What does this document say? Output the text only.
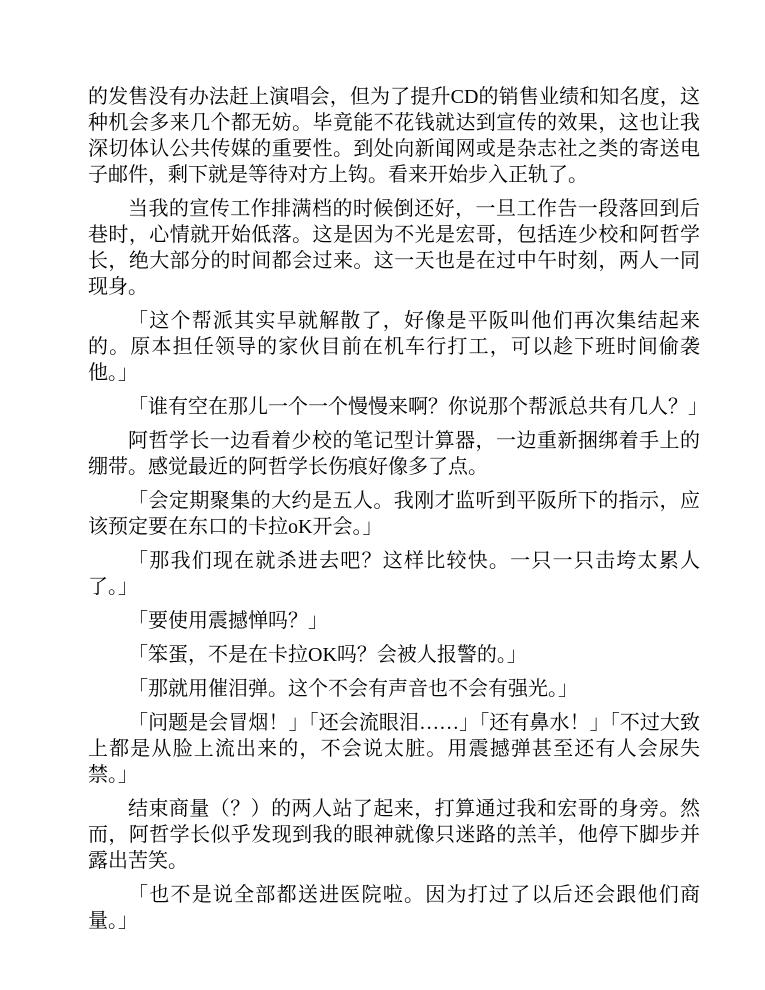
的发售没有办法赶上演唱会，但为了提升CD的销售业绩和知名度，这种机会多来几个都无妨。毕竟能不花钱就达到宣传的效果，这也让我深切体认公共传媒的重要性。到处向新闻网或是杂志社之类的寄送电子邮件，剩下就是等待对方上钩。看来开始步入正轨了。

当我的宣传工作排满档的时候倒还好，一旦工作告一段落回到后巷时，心情就开始低落。这是因为不光是宏哥，包括连少校和阿哲学长，绝大部分的时间都会过来。这一天也是在过中午时刻，两人一同现身。

「这个帮派其实早就解散了，好像是平阪叫他们再次集结起来的。原本担任领导的家伙目前在机车行打工，可以趁下班时间偷袭他。」

「谁有空在那儿一个一个慢慢来啊？你说那个帮派总共有几人？」

阿哲学长一边看着少校的笔记型计算器，一边重新捆绑着手上的绷带。感觉最近的阿哲学长伤痕好像多了点。

「会定期聚集的大约是五人。我刚才监听到平阪所下的指示，应该预定要在东口的卡拉oK开会。」

「那我们现在就杀进去吧？这样比较快。一只一只击垮太累人了。」

「要使用震撼惮吗？」

「笨蛋，不是在卡拉OK吗？会被人报警的。」

「那就用催泪弹。这个不会有声音也不会有强光。」

「问题是会冒烟！」「还会流眼泪……」「还有鼻水！」「不过大致上都是从脸上流出来的，不会说太脏。用震撼弹甚至还有人会尿失禁。」

结束商量（？）的两人站了起来，打算通过我和宏哥的身旁。然而，阿哲学长似乎发现到我的眼神就像只迷路的羔羊，他停下脚步并露出苦笑。

「也不是说全部都送进医院啦。因为打过了以后还会跟他们商量。」
